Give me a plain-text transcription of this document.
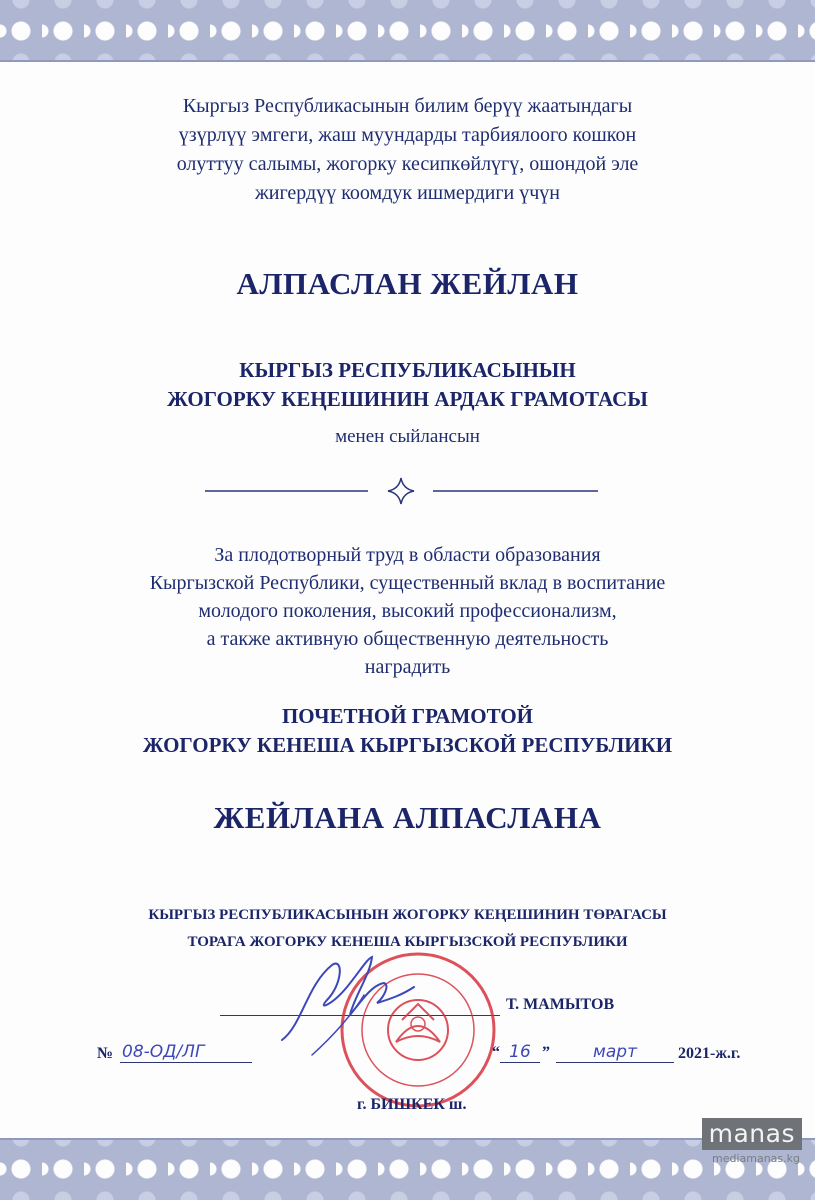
Кыргыз Республикасынын билим берүү жаатындагы
үзүрлүү эмгеги, жаш муундарды тарбиялоого кошкон
олуттуу салымы, жогорку кесипкөйлүгү, ошондой эле
жигердүү коомдук ишмердиги үчүн
АЛПАСЛАН ЖЕЙЛАН
КЫРГЫЗ РЕСПУБЛИКАСЫНЫН
ЖОГОРКУ КЕҢЕШИНИН АРДАК ГРАМОТАСЫ
менен сыйлансын
За плодотворный труд в области образования
Кыргызской Республики, существенный вклад в воспитание
молодого поколения, высокий профессионализм,
а также активную общественную деятельность
наградить
ПОЧЕТНОЙ ГРАМОТОЙ
ЖОГОРКУ КЕНЕША КЫРГЫЗСКОЙ РЕСПУБЛИКИ
ЖЕЙЛАНА АЛПАСЛАНА
КЫРГЫЗ РЕСПУБЛИКАСЫНЫН ЖОГОРКУ КЕҢЕШИНИН ТӨРАГАСЫ
ТОРАГА ЖОГОРКУ КЕНЕША КЫРГЫЗСКОЙ РЕСПУБЛИКИ
Т. МАМЫТОВ
№ 08-ОД/ЛГ	“ 16 ”	март	2021-ж.г.
г. БИШКЕК ш.
manas
mediamanas.kg
